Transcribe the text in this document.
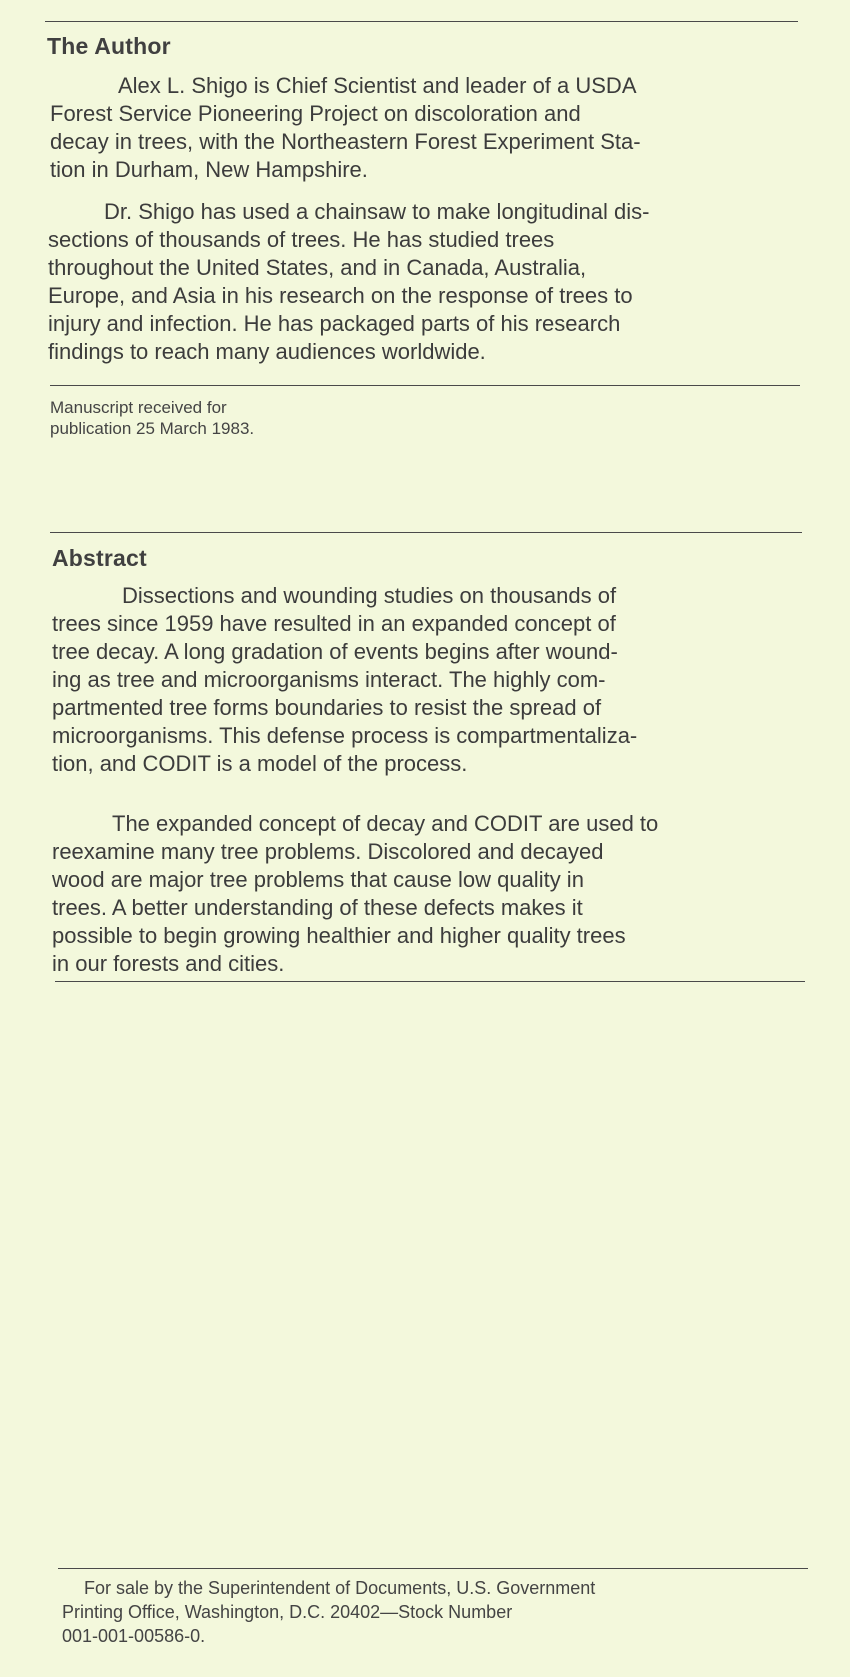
The Author
Alex L. Shigo is Chief Scientist and leader of a USDA
Forest Service Pioneering Project on discoloration and
decay in trees, with the Northeastern Forest Experiment Sta-
tion in Durham, New Hampshire.
Dr. Shigo has used a chainsaw to make longitudinal dis-
sections of thousands of trees. He has studied trees
throughout the United States, and in Canada, Australia,
Europe, and Asia in his research on the response of trees to
injury and infection. He has packaged parts of his research
findings to reach many audiences worldwide.
Manuscript received for
publication 25 March 1983.
Abstract
Dissections and wounding studies on thousands of
trees since 1959 have resulted in an expanded concept of
tree decay. A long gradation of events begins after wound-
ing as tree and microorganisms interact. The highly com-
partmented tree forms boundaries to resist the spread of
microorganisms. This defense process is compartmentaliza-
tion, and CODIT is a model of the process.
The expanded concept of decay and CODIT are used to
reexamine many tree problems. Discolored and decayed
wood are major tree problems that cause low quality in
trees. A better understanding of these defects makes it
possible to begin growing healthier and higher quality trees
in our forests and cities.
For sale by the Superintendent of Documents, U.S. Government
Printing Office, Washington, D.C. 20402—Stock Number
001-001-00586-0.
